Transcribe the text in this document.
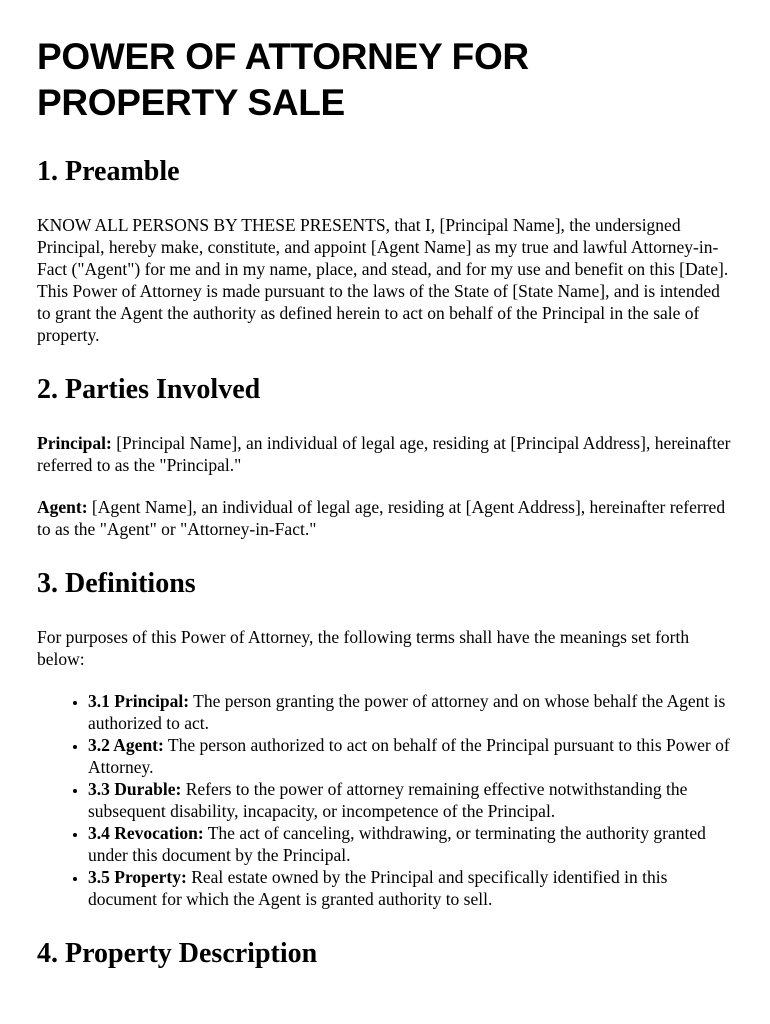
POWER OF ATTORNEY FOR PROPERTY SALE
1. Preamble

KNOW ALL PERSONS BY THESE PRESENTS, that I, [Principal Name], the undersigned Principal, hereby make, constitute, and appoint [Agent Name] as my true and lawful Attorney-in-Fact ("Agent") for me and in my name, place, and stead, and for my use and benefit on this [Date]. This Power of Attorney is made pursuant to the laws of the State of [State Name], and is intended to grant the Agent the authority as defined herein to act on behalf of the Principal in the sale of property.

2. Parties Involved

Principal: [Principal Name], an individual of legal age, residing at [Principal Address], hereinafter referred to as the "Principal."

Agent: [Agent Name], an individual of legal age, residing at [Agent Address], hereinafter referred to as the "Agent" or "Attorney-in-Fact."

3. Definitions

For purposes of this Power of Attorney, the following terms shall have the meanings set forth below:

• 3.1 Principal: The person granting the power of attorney and on whose behalf the Agent is authorized to act.
• 3.2 Agent: The person authorized to act on behalf of the Principal pursuant to this Power of Attorney.
• 3.3 Durable: Refers to the power of attorney remaining effective notwithstanding the subsequent disability, incapacity, or incompetence of the Principal.
• 3.4 Revocation: The act of canceling, withdrawing, or terminating the authority granted under this document by the Principal.
• 3.5 Property: Real estate owned by the Principal and specifically identified in this document for which the Agent is granted authority to sell.
4. Property Description
